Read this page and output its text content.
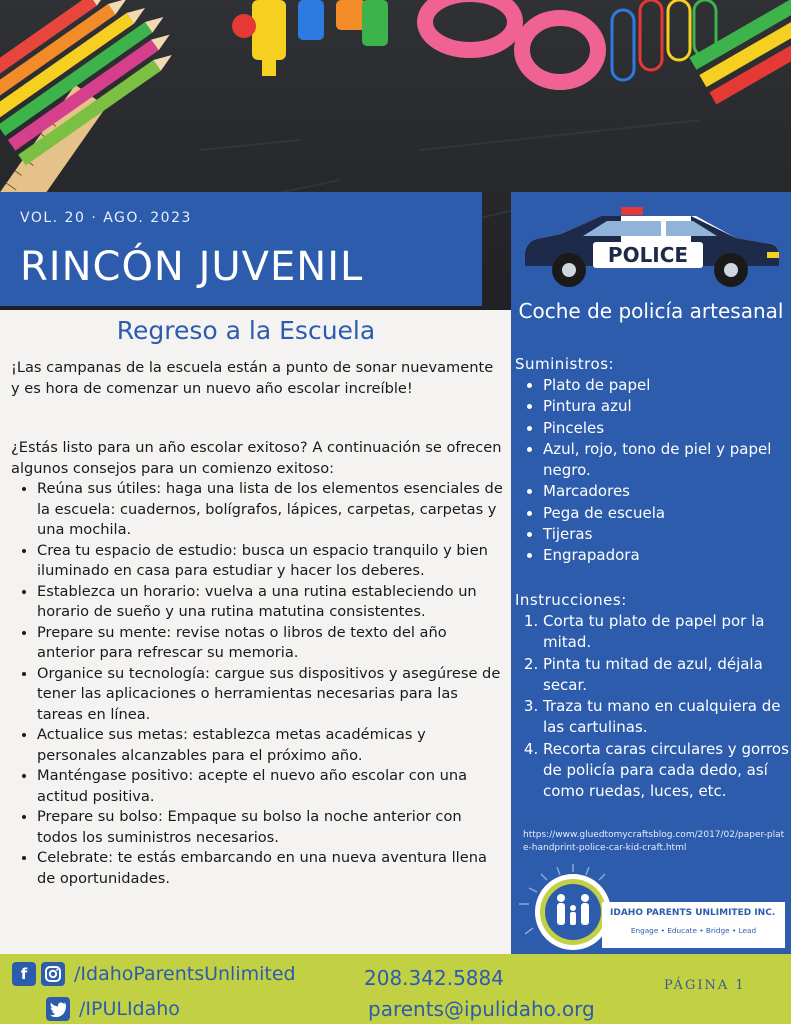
VOL. 20 · AGO. 2023
RINCÓN JUVENIL
Regreso a la Escuela

¡Las campanas de la escuela están a punto de sonar nuevamente y es hora de comenzar un nuevo año escolar increíble!

¿Estás listo para un año escolar exitoso? A continuación se ofrecen algunos consejos para un comienzo exitoso:

• Reúna sus útiles: haga una lista de los elementos esenciales de la escuela: cuadernos, bolígrafos, lápices, carpetas, carpetas y una mochila.
• Crea tu espacio de estudio: busca un espacio tranquilo y bien iluminado en casa para estudiar y hacer los deberes.
• Establezca un horario: vuelva a una rutina estableciendo un horario de sueño y una rutina matutina consistentes.
• Prepare su mente: revise notas o libros de texto del año anterior para refrescar su memoria.
• Organice su tecnología: cargue sus dispositivos y asegúrese de tener las aplicaciones o herramientas necesarias para las tareas en línea.
• Actualice sus metas: establezca metas académicas y personales alcanzables para el próximo año.
• Manténgase positivo: acepte el nuevo año escolar con una actitud positiva.
• Prepare su bolso: Empaque su bolso la noche anterior con todos los suministros necesarios.
• Celebrate: te estás embarcando en una nueva aventura llena de oportunidades.
POLICE
Coche de policía artesanal
Suministros:
• Plato de papel
• Pintura azul
• Pinceles
• Azul, rojo, tono de piel y papel negro.
• Marcadores
• Pega de escuela
• Tijeras
• Engrapadora
Instrucciones:
1. Corta tu plato de papel por la mitad.
2. Pinta tu mitad de azul, déjala secar.
3. Traza tu mano en cualquiera de las cartulinas.
4. Recorta caras circulares y gorros de policía para cada dedo, así como ruedas, luces, etc.
https://www.gluedtomycraftsblog.com/2017/02/paper-plate-handprint-police-car-kid-craft.html
IDAHO PARENTS UNLIMITED INC.
Engage • Educate • Bridge • Lead
f	/IdahoParentsUnlimited
/IPULIdaho
208.342.5884
parents@ipulidaho.org
PÁGINA 1
